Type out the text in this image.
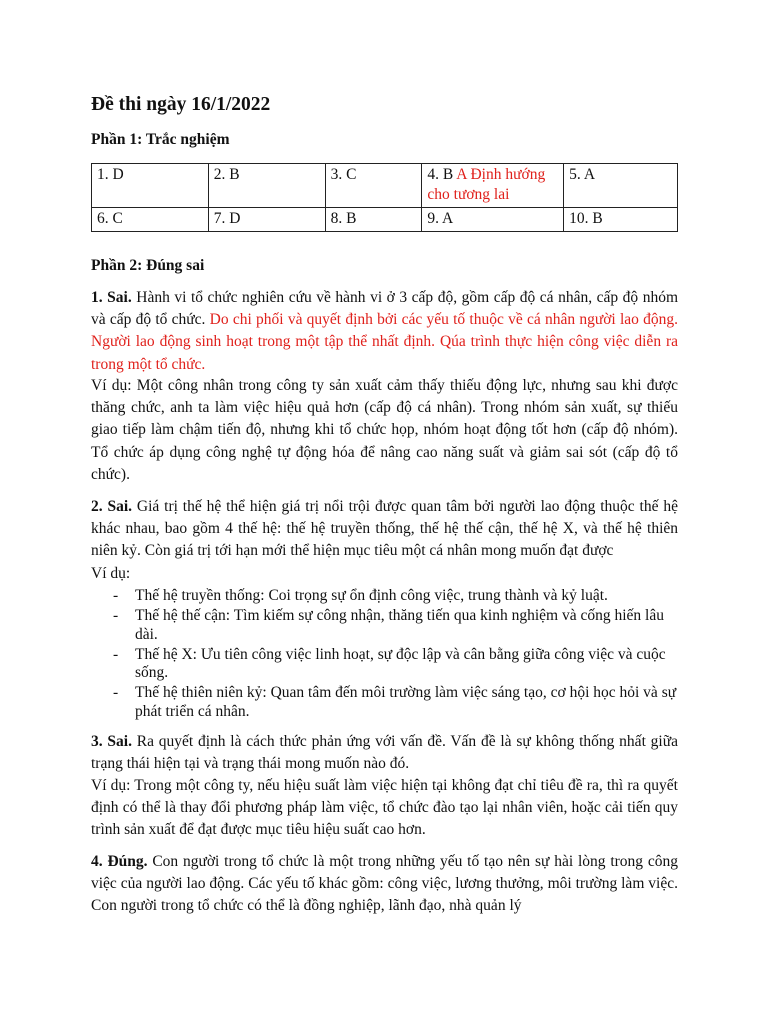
Đề thi ngày 16/1/2022
Phần 1: Trắc nghiệm
1. D	2. B	3. C	4. B A Định hướng cho tương lai	5. A
6. C	7. D	8. B	9. A	10. B
Phần 2: Đúng sai

1. Sai. Hành vi tổ chức nghiên cứu về hành vi ở 3 cấp độ, gồm cấp độ cá nhân, cấp độ nhóm và cấp độ tổ chức. Do chi phối và quyết định bởi các yếu tố thuộc về cá nhân người lao động. Người lao động sinh hoạt trong một tập thể nhất định. Qúa trình thực hiện công việc diễn ra trong một tổ chức.

Ví dụ: Một công nhân trong công ty sản xuất cảm thấy thiếu động lực, nhưng sau khi được thăng chức, anh ta làm việc hiệu quả hơn (cấp độ cá nhân). Trong nhóm sản xuất, sự thiếu giao tiếp làm chậm tiến độ, nhưng khi tổ chức họp, nhóm hoạt động tốt hơn (cấp độ nhóm). Tổ chức áp dụng công nghệ tự động hóa để nâng cao năng suất và giảm sai sót (cấp độ tổ chức).

2. Sai. Giá trị thế hệ thể hiện giá trị nổi trội được quan tâm bởi người lao động thuộc thế hệ khác nhau, bao gồm 4 thế hệ: thế hệ truyền thống, thế hệ thế cận, thế hệ X, và thế hệ thiên niên kỷ. Còn giá trị tới hạn mới thể hiện mục tiêu một cá nhân mong muốn đạt được

Ví dụ:

- Thế hệ truyền thống: Coi trọng sự ổn định công việc, trung thành và kỷ luật.
- Thế hệ thế cận: Tìm kiếm sự công nhận, thăng tiến qua kinh nghiệm và cống hiến lâu dài.
- Thế hệ X: Ưu tiên công việc linh hoạt, sự độc lập và cân bằng giữa công việc và cuộc sống.
- Thế hệ thiên niên kỷ: Quan tâm đến môi trường làm việc sáng tạo, cơ hội học hỏi và sự phát triển cá nhân.

3. Sai. Ra quyết định là cách thức phản ứng với vấn đề. Vấn đề là sự không thống nhất giữa trạng thái hiện tại và trạng thái mong muốn nào đó.

Ví dụ: Trong một công ty, nếu hiệu suất làm việc hiện tại không đạt chỉ tiêu đề ra, thì ra quyết định có thể là thay đổi phương pháp làm việc, tổ chức đào tạo lại nhân viên, hoặc cải tiến quy trình sản xuất để đạt được mục tiêu hiệu suất cao hơn.

4. Đúng. Con người trong tổ chức là một trong những yếu tố tạo nên sự hài lòng trong công việc của người lao động. Các yếu tố khác gồm: công việc, lương thưởng, môi trường làm việc. Con người trong tổ chức có thể là đồng nghiệp, lãnh đạo, nhà quản lý
